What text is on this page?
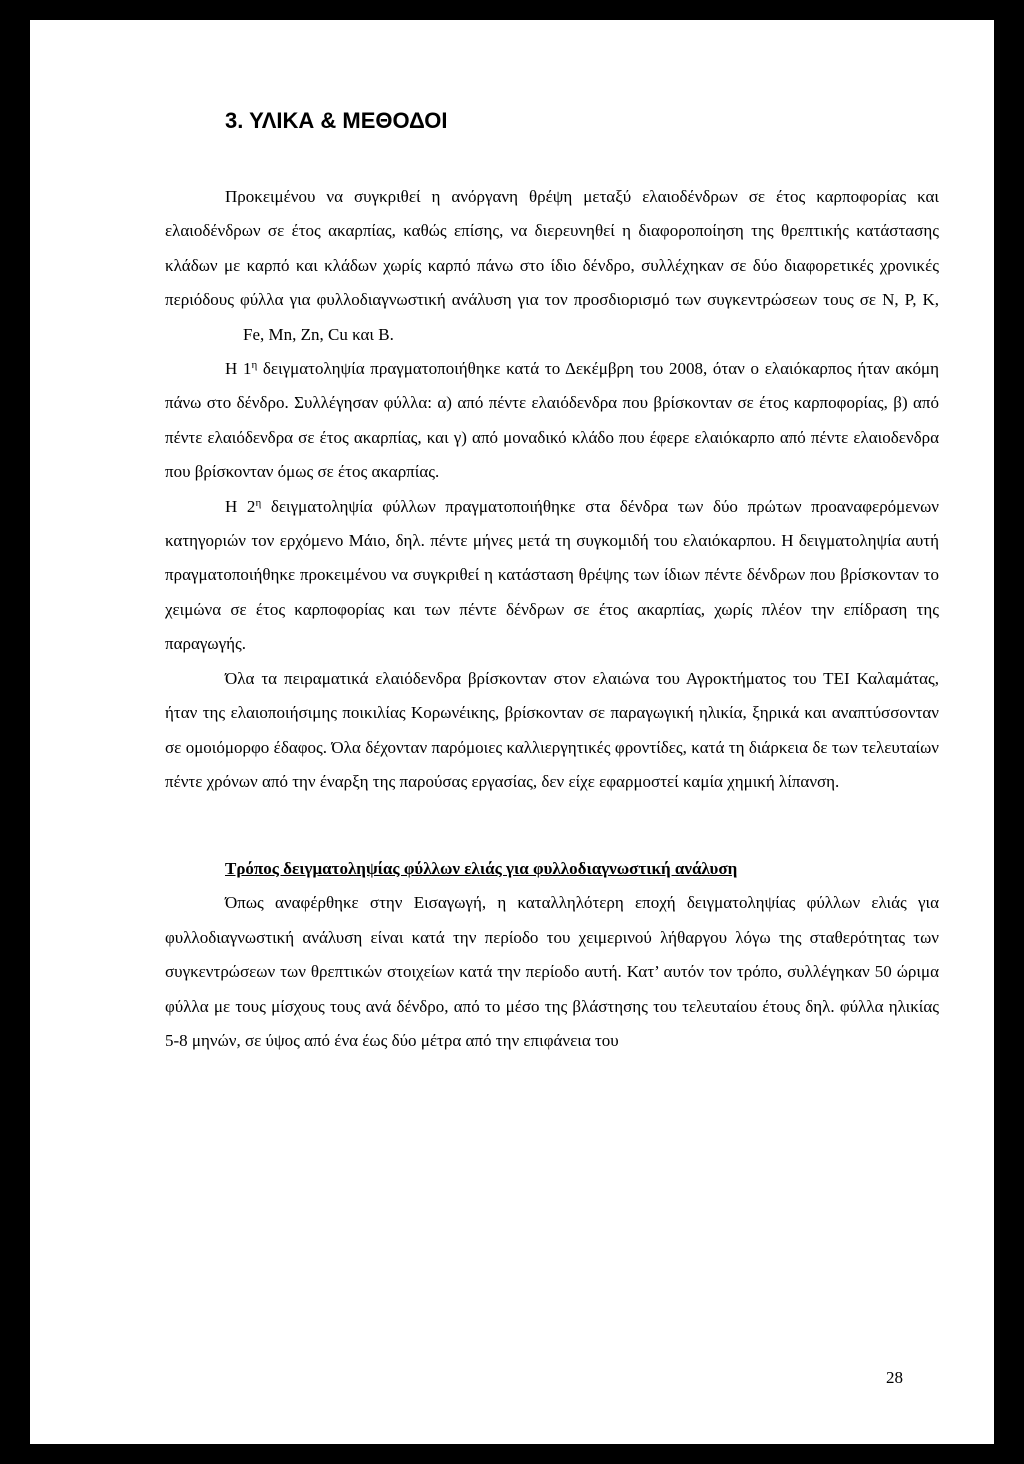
3. ΥΛΙΚΑ & ΜΕΘΟΔΟΙ

Προκειμένου να συγκριθεί η ανόργανη θρέψη μεταξύ ελαιοδένδρων σε έτος καρποφορίας και ελαιοδένδρων σε έτος ακαρπίας, καθώς επίσης, να διερευνηθεί η διαφοροποίηση της θρεπτικής κατάστασης κλάδων με καρπό και κλάδων χωρίς καρπό πάνω στο ίδιο δένδρο, συλλέχηκαν σε δύο διαφορετικές χρονικές περιόδους φύλλα για φυλλοδιαγνωστική ανάλυση για τον προσδιορισμό των συγκεντρώσεων τους σε N, P, K,Fe, Mn, Zn, Cu και B.

Η $1^\eta$ δειγματοληψία πραγματοποιήθηκε κατά το Δεκέμβρη του 2008, όταν ο ελαιόκαρπος ήταν ακόμη πάνω στο δένδρο. Συλλέγησαν φύλλα: α) από πέντε ελαιόδενδρα που βρίσκονταν σε έτος καρποφορίας, β) από πέντε ελαιόδενδρα σε έτος ακαρπίας, και γ) από μοναδικό κλάδο που έφερε ελαιόκαρπο από πέντε ελαιοδενδρα που βρίσκονταν όμως σε έτος ακαρπίας.

Η $2^\eta$ δειγματοληψία φύλλων πραγματοποιήθηκε στα δένδρα των δύο πρώτων προαναφερόμενων κατηγοριών τον ερχόμενο Μάιο, δηλ. πέντε μήνες μετά τη συγκομιδή του ελαιόκαρπου. Η δειγματοληψία αυτή πραγματοποιήθηκε προκειμένου να συγκριθεί η κατάσταση θρέψης των ίδιων πέντε δένδρων που βρίσκονταν το χειμώνα σε έτος καρποφορίας και των πέντε δένδρων σε έτος ακαρπίας, χωρίς πλέον την επίδραση της παραγωγής.

Όλα τα πειραματικά ελαιόδενδρα βρίσκονταν στον ελαιώνα του Αγροκτήματος του ΤΕΙ Καλαμάτας, ήταν της ελαιοποιήσιμης ποικιλίας Κορωνέικης, βρίσκονταν σε παραγωγική ηλικία, ξηρικά και αναπτύσσονταν σε ομοιόμορφο έδαφος. Όλα δέχονταν παρόμοιες καλλιεργητικές φροντίδες, κατά τη διάρκεια δε των τελευταίων πέντε χρόνων από την έναρξη της παρούσας εργασίας, δεν είχε εφαρμοστεί καμία χημική λίπανση.

Τρόπος δειγματοληψίας φύλλων ελιάς για φυλλοδιαγνωστική ανάλυση

Όπως αναφέρθηκε στην Εισαγωγή, η καταλληλότερη εποχή δειγματοληψίας φύλλων ελιάς για φυλλοδιαγνωστική ανάλυση είναι κατά την περίοδο του χειμερινού λήθαργου λόγω της σταθερότητας των συγκεντρώσεων των θρεπτικών στοιχείων κατά την περίοδο αυτή. Κατ’ αυτόν τον τρόπο, συλλέγηκαν 50 ώριμα φύλλα με τους μίσχους τους ανά δένδρο, από το μέσο της βλάστησης του τελευταίου έτους δηλ. φύλλα ηλικίας 5-8 μηνών, σε ύψος από ένα έως δύο μέτρα από την επιφάνεια του

28
